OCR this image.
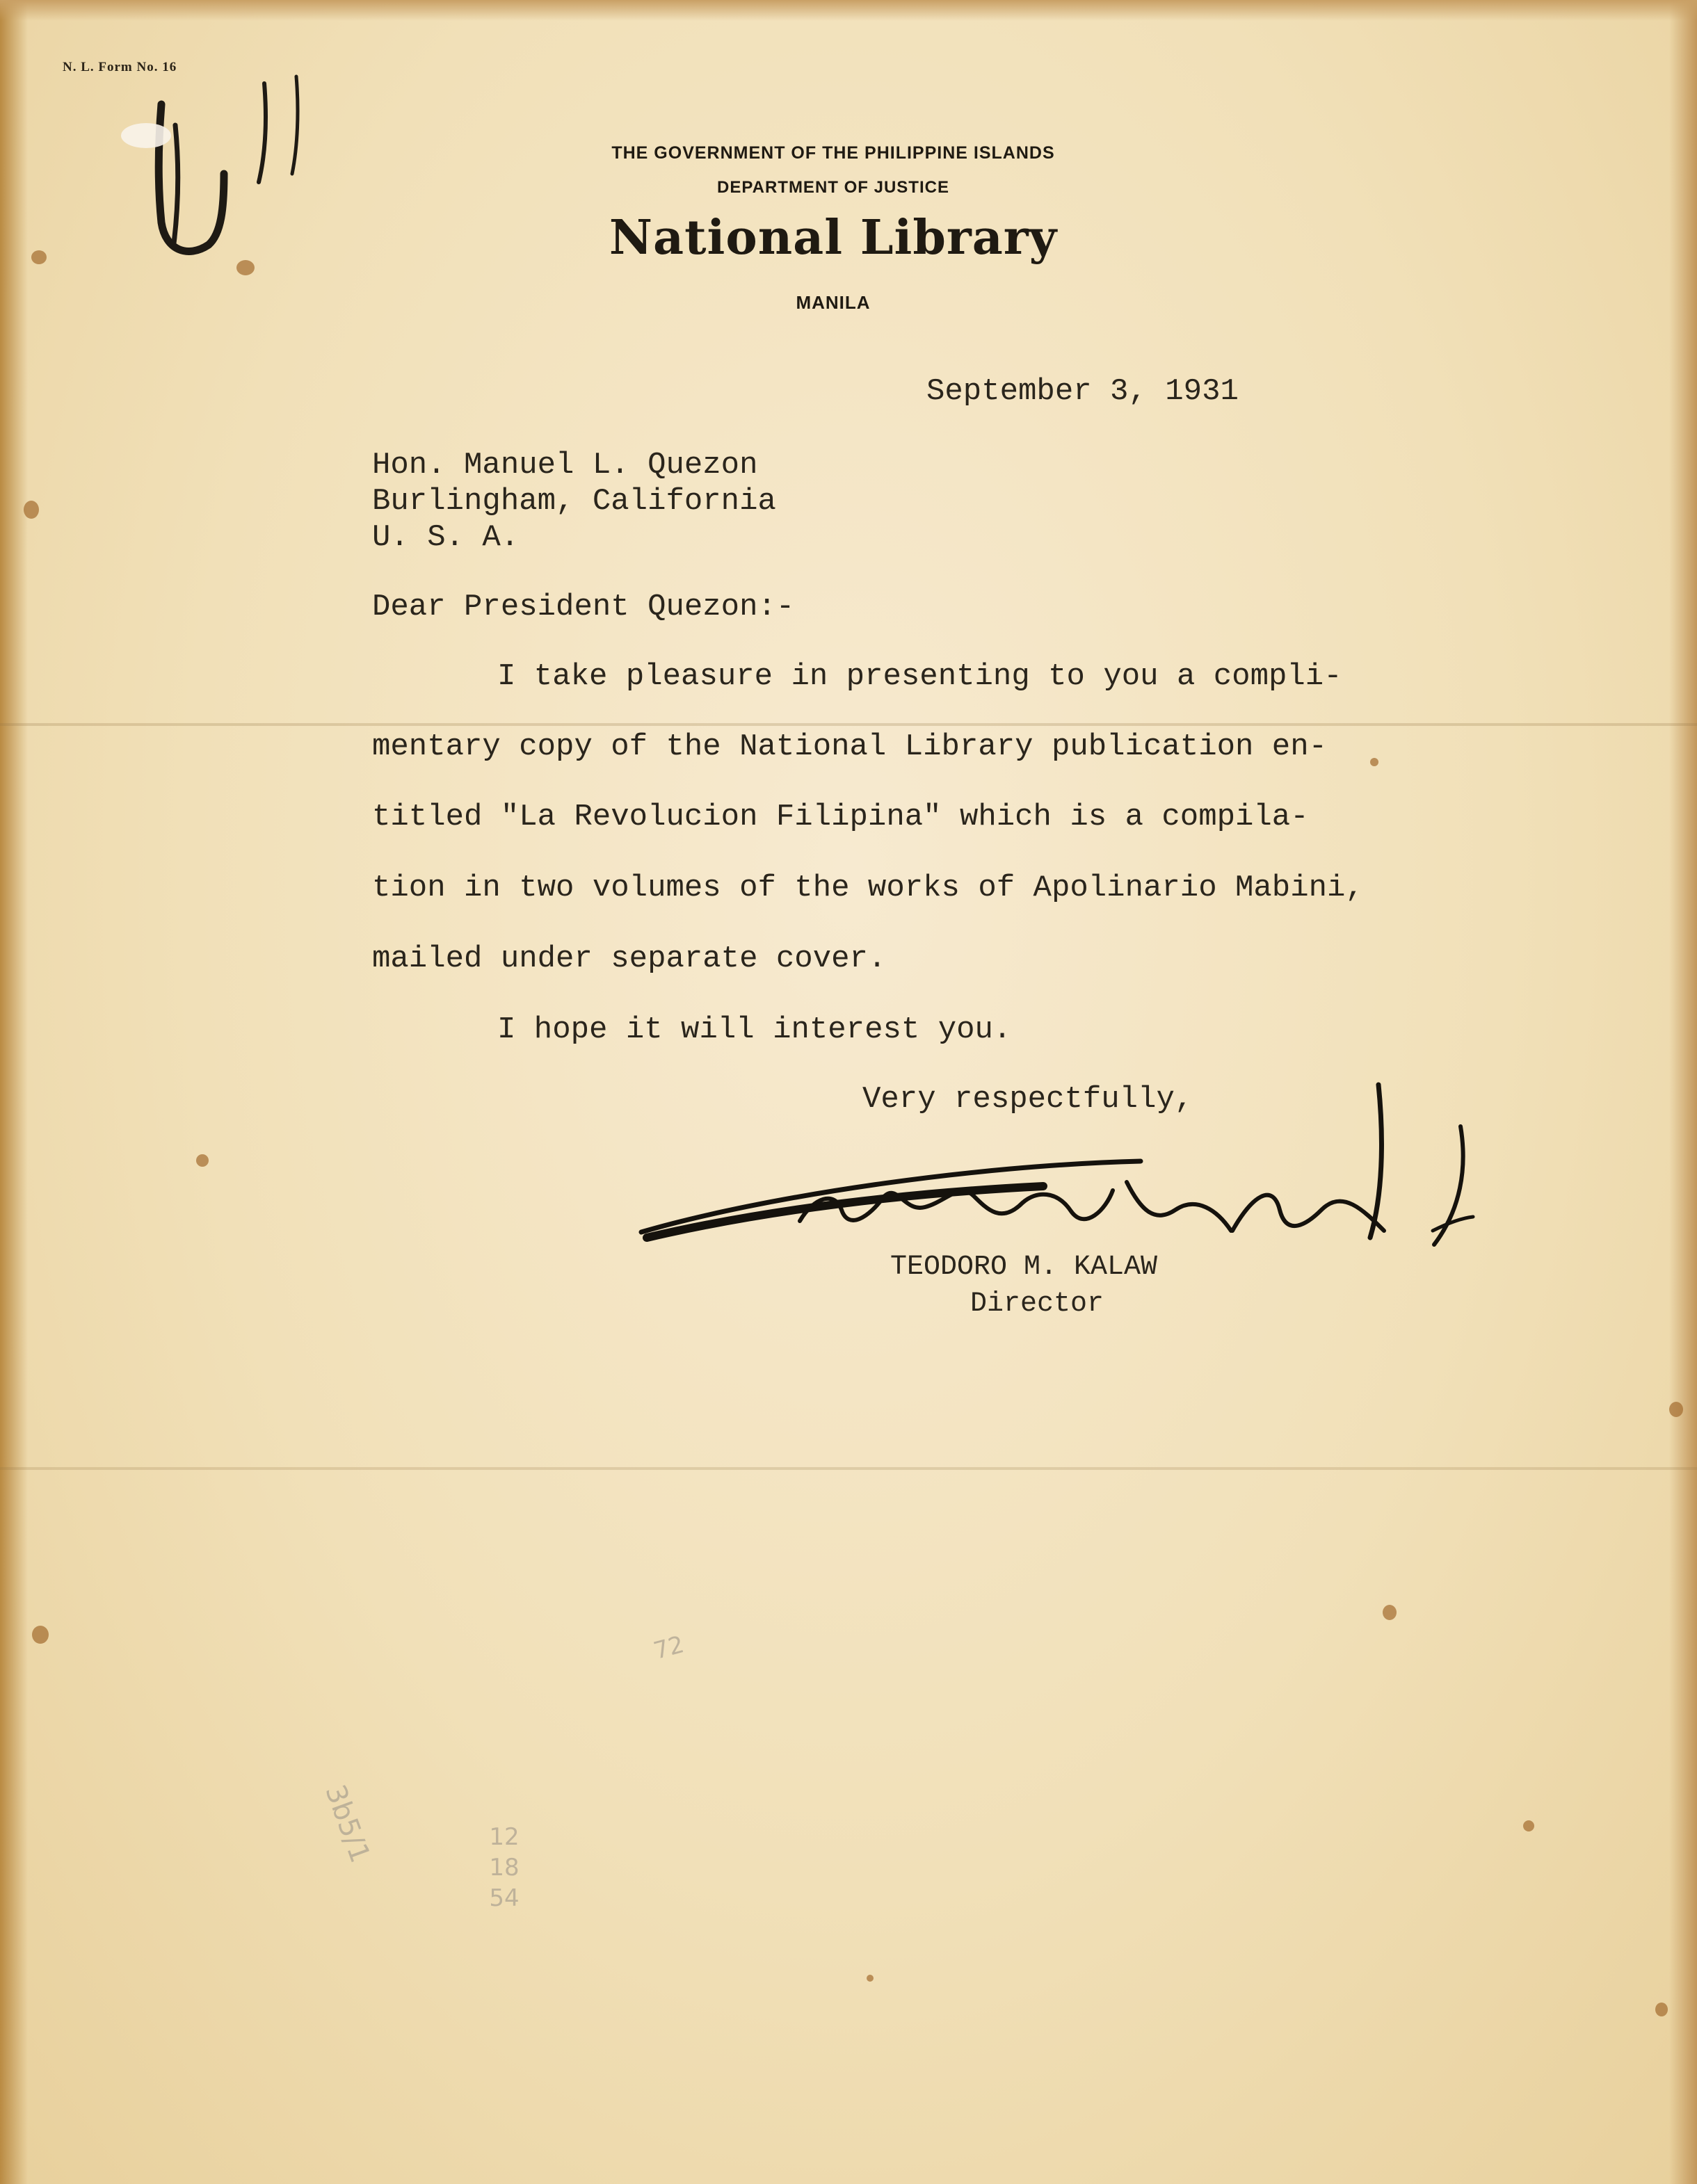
N. L. Form No. 16
THE GOVERNMENT OF THE PHILIPPINE ISLANDS
DEPARTMENT OF JUSTICE
National Library
MANILA
September 3, 1931
Hon. Manuel L. Quezon
Burlingham, California
U. S. A.
Dear President Quezon:-
I take pleasure in presenting to you a compli-
mentary copy of the National Library publication en-
titled "La Revolucion Filipina" which is a compila-
tion in two volumes of the works of Apolinario Mabini,
mailed under separate cover.
I hope it will interest you.
Very respectfully,
TEODORO M. KALAW
Director
72
3b5/1	12
18
54
